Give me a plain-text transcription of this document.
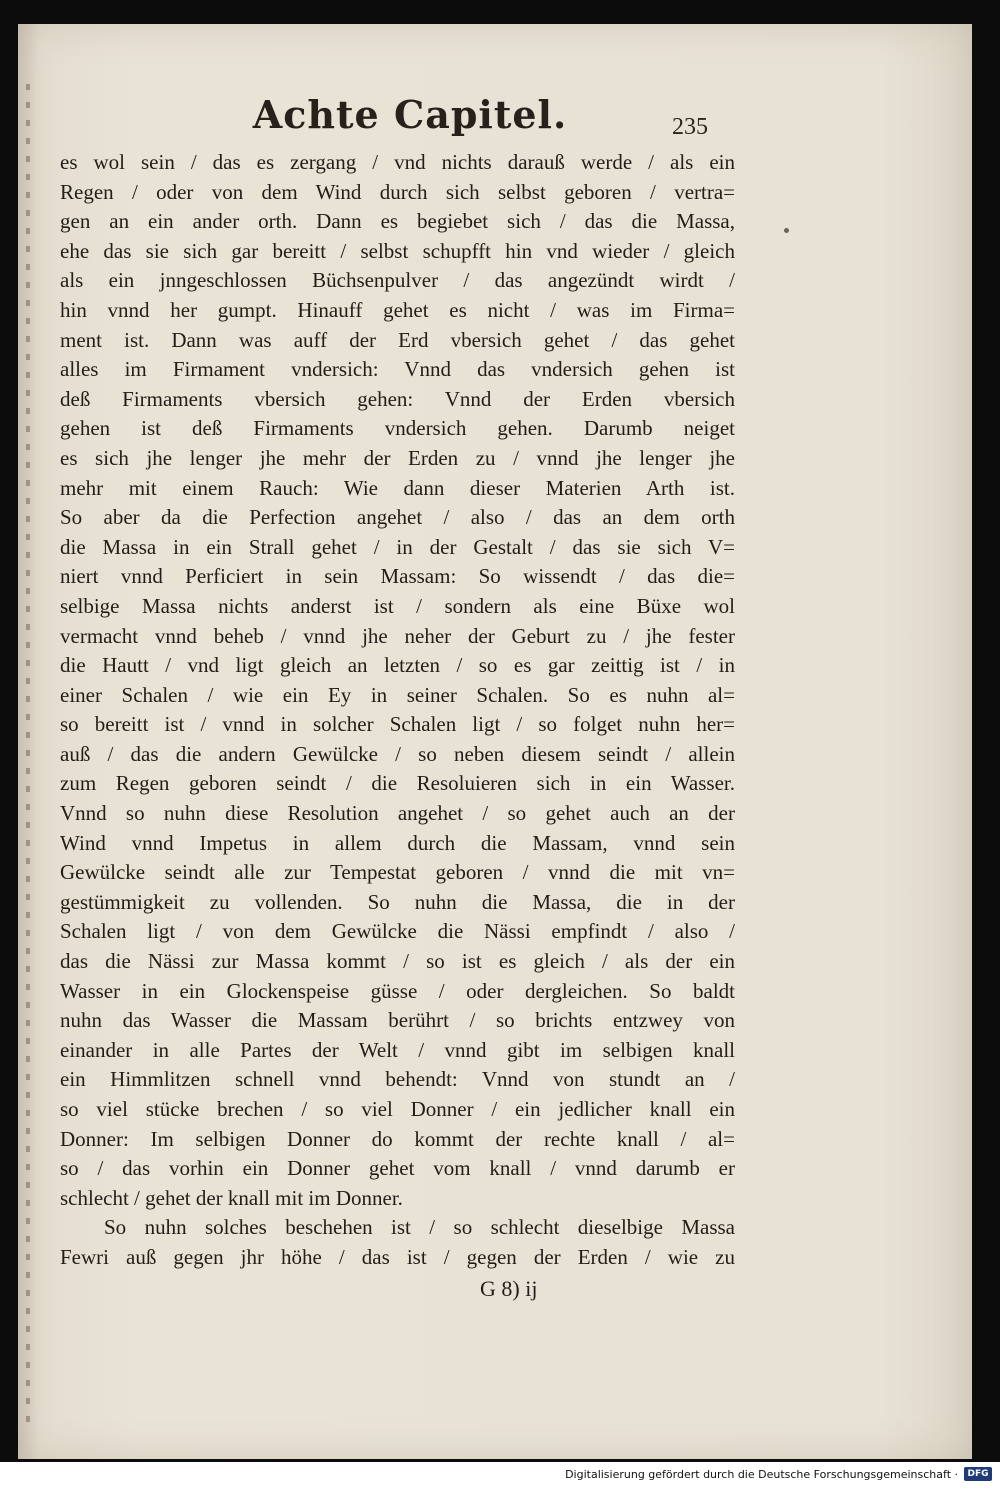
Achte Capitel.	235
es wol sein / das es zergang / vnd nichts darauß werde / als ein
Regen / oder von dem Wind durch sich selbst geboren / vertra=
gen an ein ander orth. Dann es begiebet sich / das die Massa,
ehe das sie sich gar bereitt / selbst schupfft hin vnd wieder / gleich
als ein jnngeschlossen Büchsenpulver / das angezündt wirdt /
hin vnnd her gumpt. Hinauff gehet es nicht / was im Firma=
ment ist. Dann was auff der Erd vbersich gehet / das gehet
alles im Firmament vndersich: Vnnd das vndersich gehen ist
deß Firmaments vbersich gehen: Vnnd der Erden vbersich
gehen ist deß Firmaments vndersich gehen. Darumb neiget
es sich jhe lenger jhe mehr der Erden zu / vnnd jhe lenger jhe
mehr mit einem Rauch: Wie dann dieser Materien Arth ist.
So aber da die Perfection angehet / also / das an dem orth
die Massa in ein Strall gehet / in der Gestalt / das sie sich V=
niert vnnd Perficiert in sein Massam: So wissendt / das die=
selbige Massa nichts anderst ist / sondern als eine Büxe wol
vermacht vnnd beheb / vnnd jhe neher der Geburt zu / jhe fester
die Hautt / vnd ligt gleich an letzten / so es gar zeittig ist / in
einer Schalen / wie ein Ey in seiner Schalen. So es nuhn al=
so bereitt ist / vnnd in solcher Schalen ligt / so folget nuhn her=
auß / das die andern Gewülcke / so neben diesem seindt / allein
zum Regen geboren seindt / die Resoluieren sich in ein Wasser.
Vnnd so nuhn diese Resolution angehet / so gehet auch an der
Wind vnnd Impetus in allem durch die Massam, vnnd sein
Gewülcke seindt alle zur Tempestat geboren / vnnd die mit vn=
gestümmigkeit zu vollenden. So nuhn die Massa, die in der
Schalen ligt / von dem Gewülcke die Nässi empfindt / also /
das die Nässi zur Massa kommt / so ist es gleich / als der ein
Wasser in ein Glockenspeise güsse / oder dergleichen. So baldt
nuhn das Wasser die Massam berührt / so brichts entzwey von
einander in alle Partes der Welt / vnnd gibt im selbigen knall
ein Himmlitzen schnell vnnd behendt: Vnnd von stundt an /
so viel stücke brechen / so viel Donner / ein jedlicher knall ein
Donner: Im selbigen Donner do kommt der rechte knall / al=
so / das vorhin ein Donner gehet vom knall / vnnd darumb er
schlecht / gehet der knall mit im Donner.
So nuhn solches beschehen ist / so schlecht dieselbige Massa
Fewri auß gegen jhr höhe / das ist / gegen der Erden / wie zu
G 8) ij
Digitalisierung gefördert durch die Deutsche Forschungsgemeinschaft ·	DFG
